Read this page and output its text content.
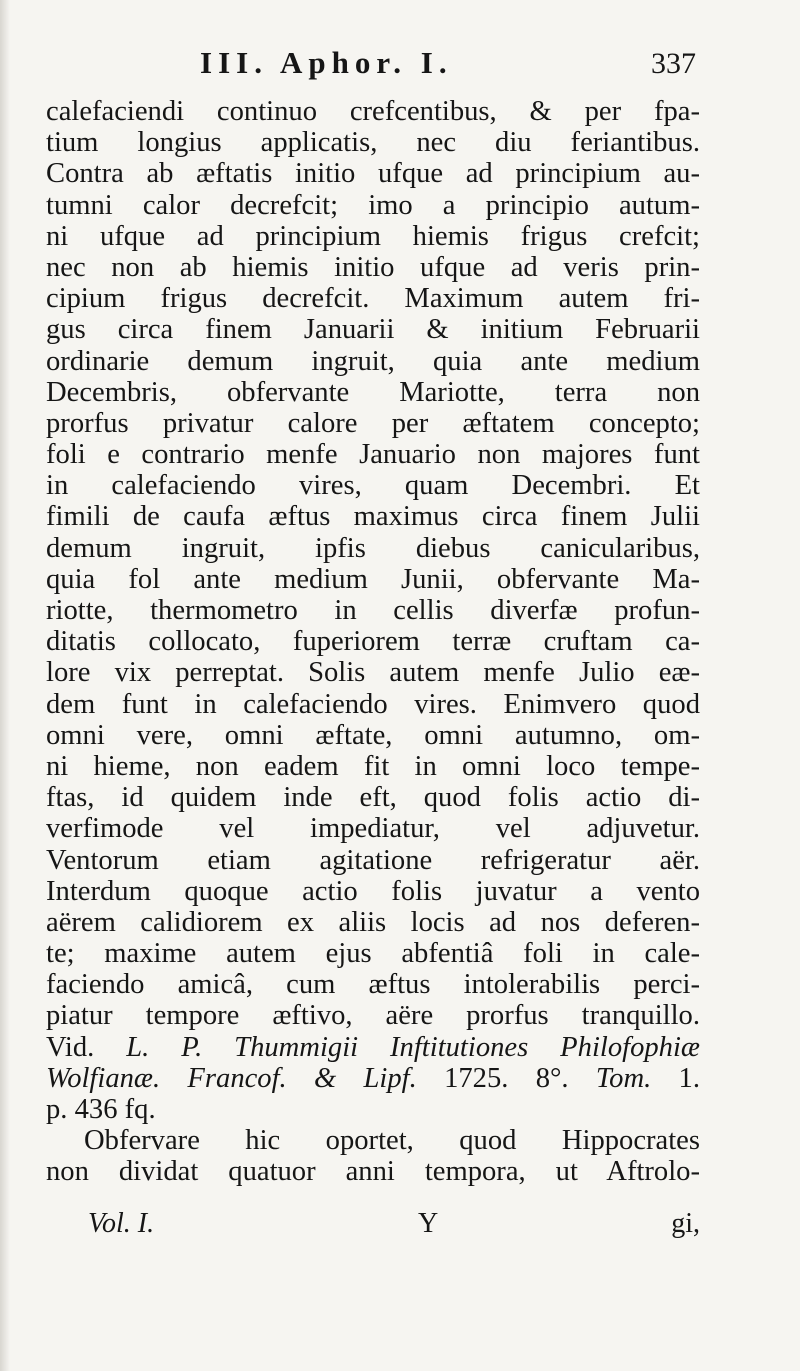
III. Aphor. I.	337
calefaciendi continuo crefcentibus, & per fpa-
tium longius applicatis, nec diu feriantibus.
Contra ab æftatis initio ufque ad principium au-
tumni calor decrefcit; imo a principio autum-
ni ufque ad principium hiemis frigus crefcit;
nec non ab hiemis initio ufque ad veris prin-
cipium frigus decrefcit. Maximum autem fri-
gus circa finem Januarii & initium Februarii
ordinarie demum ingruit, quia ante medium
Decembris, obfervante Mariotte, terra non
prorfus privatur calore per æftatem concepto;
foli e contrario menfe Januario non majores funt
in calefaciendo vires, quam Decembri. Et
fimili de caufa æftus maximus circa finem Julii
demum ingruit, ipfis diebus canicularibus,
quia fol ante medium Junii, obfervante Ma-
riotte, thermometro in cellis diverfæ profun-
ditatis collocato, fuperiorem terræ cruftam ca-
lore vix perreptat. Solis autem menfe Julio eæ-
dem funt in calefaciendo vires. Enimvero quod
omni vere, omni æftate, omni autumno, om-
ni hieme, non eadem fit in omni loco tempe-
ftas, id quidem inde eft, quod folis actio di-
verfimode vel impediatur, vel adjuvetur.
Ventorum etiam agitatione refrigeratur aër.
Interdum quoque actio folis juvatur a vento
aërem calidiorem ex aliis locis ad nos deferen-
te; maxime autem ejus abfentiâ foli in cale-
faciendo amicâ, cum æftus intolerabilis perci-
piatur tempore æftivo, aëre prorfus tranquillo.
Vid. L. P. Thummigii Inftitutiones Philofophiæ
Wolfianæ. Francof. & Lipf. 1725. 8°. Tom. 1.
p. 436 fq.
Obfervare hic oportet, quod Hippocrates
non dividat quatuor anni tempora, ut Aftrolo-
Vol. I.	Y	gi,
